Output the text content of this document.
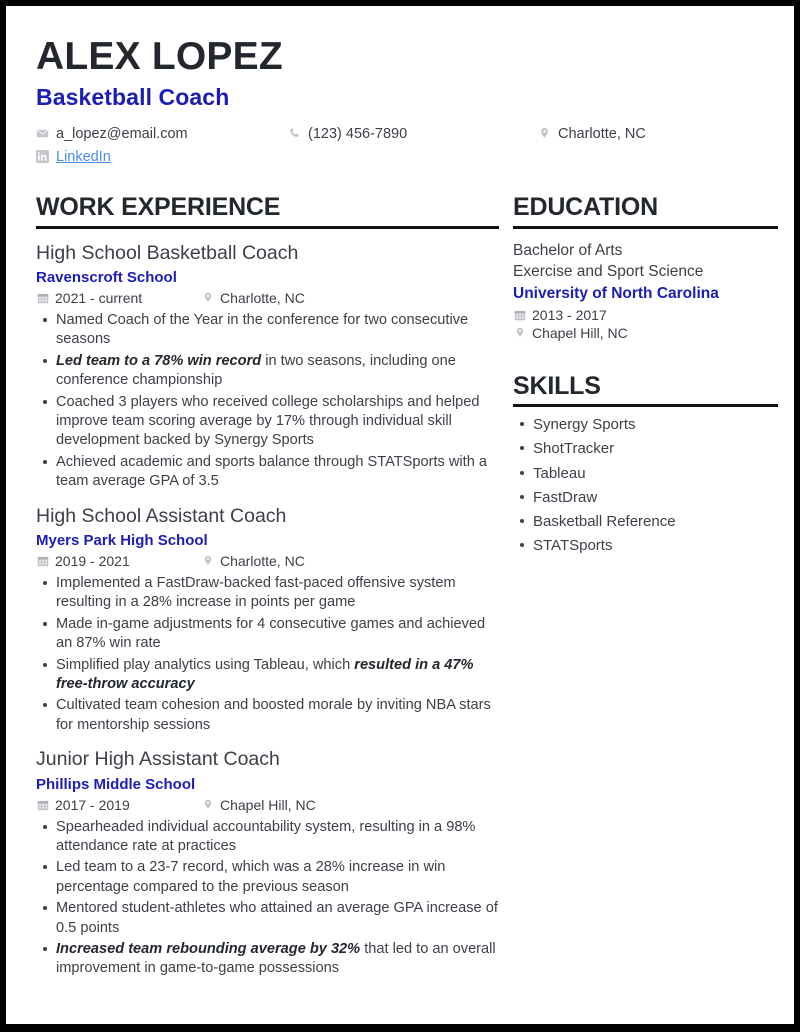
ALEX LOPEZ
Basketball Coach
a_lopez@email.com	(123) 456-7890	Charlotte, NC
LinkedIn
WORK EXPERIENCE
High School Basketball Coach
Ravenscroft School
2021 - current	Charlotte, NC
Named Coach of the Year in the conference for two consecutive seasons
Led team to a 78% win record in two seasons, including one conference championship
Coached 3 players who received college scholarships and helped improve team scoring average by 17% through individual skill development backed by Synergy Sports
Achieved academic and sports balance through STATSports with a team average GPA of 3.5
High School Assistant Coach
Myers Park High School
2019 - 2021	Charlotte, NC
Implemented a FastDraw-backed fast-paced offensive system resulting in a 28% increase in points per game
Made in-game adjustments for 4 consecutive games and achieved an 87% win rate
Simplified play analytics using Tableau, which resulted in a 47% free-throw accuracy
Cultivated team cohesion and boosted morale by inviting NBA stars for mentorship sessions
Junior High Assistant Coach
Phillips Middle School
2017 - 2019	Chapel Hill, NC
Spearheaded individual accountability system, resulting in a 98% attendance rate at practices
Led team to a 23-7 record, which was a 28% increase in win percentage compared to the previous season
Mentored student-athletes who attained an average GPA increase of 0.5 points
Increased team rebounding average by 32% that led to an overall improvement in game-to-game possessions
EDUCATION
Bachelor of Arts
Exercise and Sport Science
University of North Carolina
2013 - 2017
Chapel Hill, NC
SKILLS
Synergy Sports
ShotTracker
Tableau
FastDraw
Basketball Reference
STATSports
